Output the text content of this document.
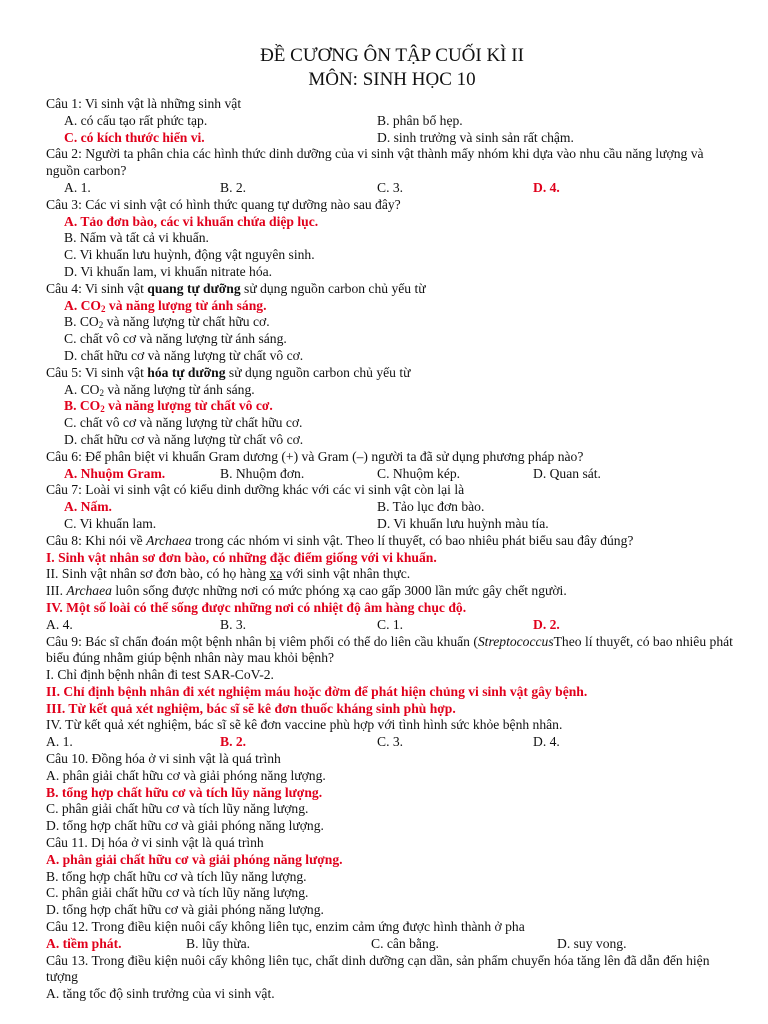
ĐỀ CƯƠNG ÔN TẬP CUỐI KÌ II

MÔN: SINH HỌC 10

Câu 1: Vi sinh vật là những sinh vật

A. có cấu tạo rất phức tạp.	B. phân bố hẹp.
C. có kích thước hiển vi.	D. sinh trưởng và sinh sản rất chậm.

Câu 2: Người ta phân chia các hình thức dinh dưỡng của vi sinh vật thành mấy nhóm khi dựa vào nhu cầu năng lượng và nguồn carbon?

A. 1.	B. 2.	C. 3.	D. 4.

Câu 3: Các vi sinh vật có hình thức quang tự dưỡng nào sau đây?

A. Tảo đơn bào, các vi khuẩn chứa diệp lục.

B. Nấm và tất cả vi khuẩn.

C. Vi khuẩn lưu huỳnh, động vật nguyên sinh.

D. Vi khuẩn lam, vi khuẩn nitrate hóa.

Câu 4: Vi sinh vật quang tự dưỡng sử dụng nguồn carbon chủ yếu từ

A. $CO_2$ và năng lượng từ ánh sáng.

B. $CO_2$ và năng lượng từ chất hữu cơ.

C. chất vô cơ và năng lượng từ ánh sáng.

D. chất hữu cơ và năng lượng từ chất vô cơ.

Câu 5: Vi sinh vật hóa tự dưỡng sử dụng nguồn carbon chủ yếu từ

A. $CO_2$ và năng lượng từ ánh sáng.

B. $CO_2$ và năng lượng từ chất vô cơ.

C. chất vô cơ và năng lượng từ chất hữu cơ.

D. chất hữu cơ và năng lượng từ chất vô cơ.

Câu 6: Để phân biệt vi khuẩn Gram dương (+) và Gram (–) người ta đã sử dụng phương pháp nào?

A. Nhuộm Gram.	B. Nhuộm đơn.	C. Nhuộm kép.	D. Quan sát.

Câu 7: Loài vi sinh vật có kiểu dinh dưỡng khác với các vi sinh vật còn lại là

A. Nấm.	B. Tảo lục đơn bào.
C. Vi khuẩn lam.	D. Vi khuẩn lưu huỳnh màu tía.

Câu 8: Khi nói về Archaea trong các nhóm vi sinh vật. Theo lí thuyết, có bao nhiêu phát biểu sau đây đúng?

I. Sinh vật nhân sơ đơn bào, có những đặc điểm giống với vi khuẩn.

II. Sinh vật nhân sơ đơn bào, có họ hàng xa với sinh vật nhân thực.

III. Archaea luôn sống được những nơi có mức phóng xạ cao gấp 3000 lần mức gây chết người.

IV. Một số loài có thể sống được những nơi có nhiệt độ âm hàng chục độ.

A. 4.	B. 3.	C. 1.	D. 2.

Câu 9: Bác sĩ chẩn đoán một bệnh nhân bị viêm phổi có thể do liên cầu khuẩn (StreptococcusTheo lí thuyết, có bao nhiêu phát biểu đúng nhằm giúp bệnh nhân này mau khỏi bệnh?

I. Chỉ định bệnh nhân đi test SAR-CoV-2.

II. Chỉ định bệnh nhân đi xét nghiệm máu hoặc đờm để phát hiện chủng vi sinh vật gây bệnh.

III. Từ kết quả xét nghiệm, bác sĩ sẽ kê đơn thuốc kháng sinh phù hợp.

IV. Từ kết quả xét nghiệm, bác sĩ sẽ kê đơn vaccine phù hợp với tình hình sức khỏe bệnh nhân.

A. 1.	B. 2.	C. 3.	D. 4.

Câu 10. Đồng hóa ở vi sinh vật là quá trình

A. phân giải chất hữu cơ và giải phóng năng lượng.

B. tổng hợp chất hữu cơ và tích lũy năng lượng.

C. phân giải chất hữu cơ và tích lũy năng lượng.

D. tổng hợp chất hữu cơ và giải phóng năng lượng.

Câu 11. Dị hóa ở vi sinh vật là quá trình

A. phân giải chất hữu cơ và giải phóng năng lượng.

B. tổng hợp chất hữu cơ và tích lũy năng lượng.

C. phân giải chất hữu cơ và tích lũy năng lượng.

D. tổng hợp chất hữu cơ và giải phóng năng lượng.

Câu 12. Trong điều kiện nuôi cấy không liên tục, enzim cảm ứng được hình thành ở pha

A. tiềm phát.	B. lũy thừa.	C. cân bằng.	D. suy vong.

Câu 13. Trong điều kiện nuôi cấy không liên tục, chất dinh dưỡng cạn dần, sản phẩm chuyển hóa tăng lên đã dẫn đến hiện tượng

A. tăng tốc độ sinh trưởng của vi sinh vật.
